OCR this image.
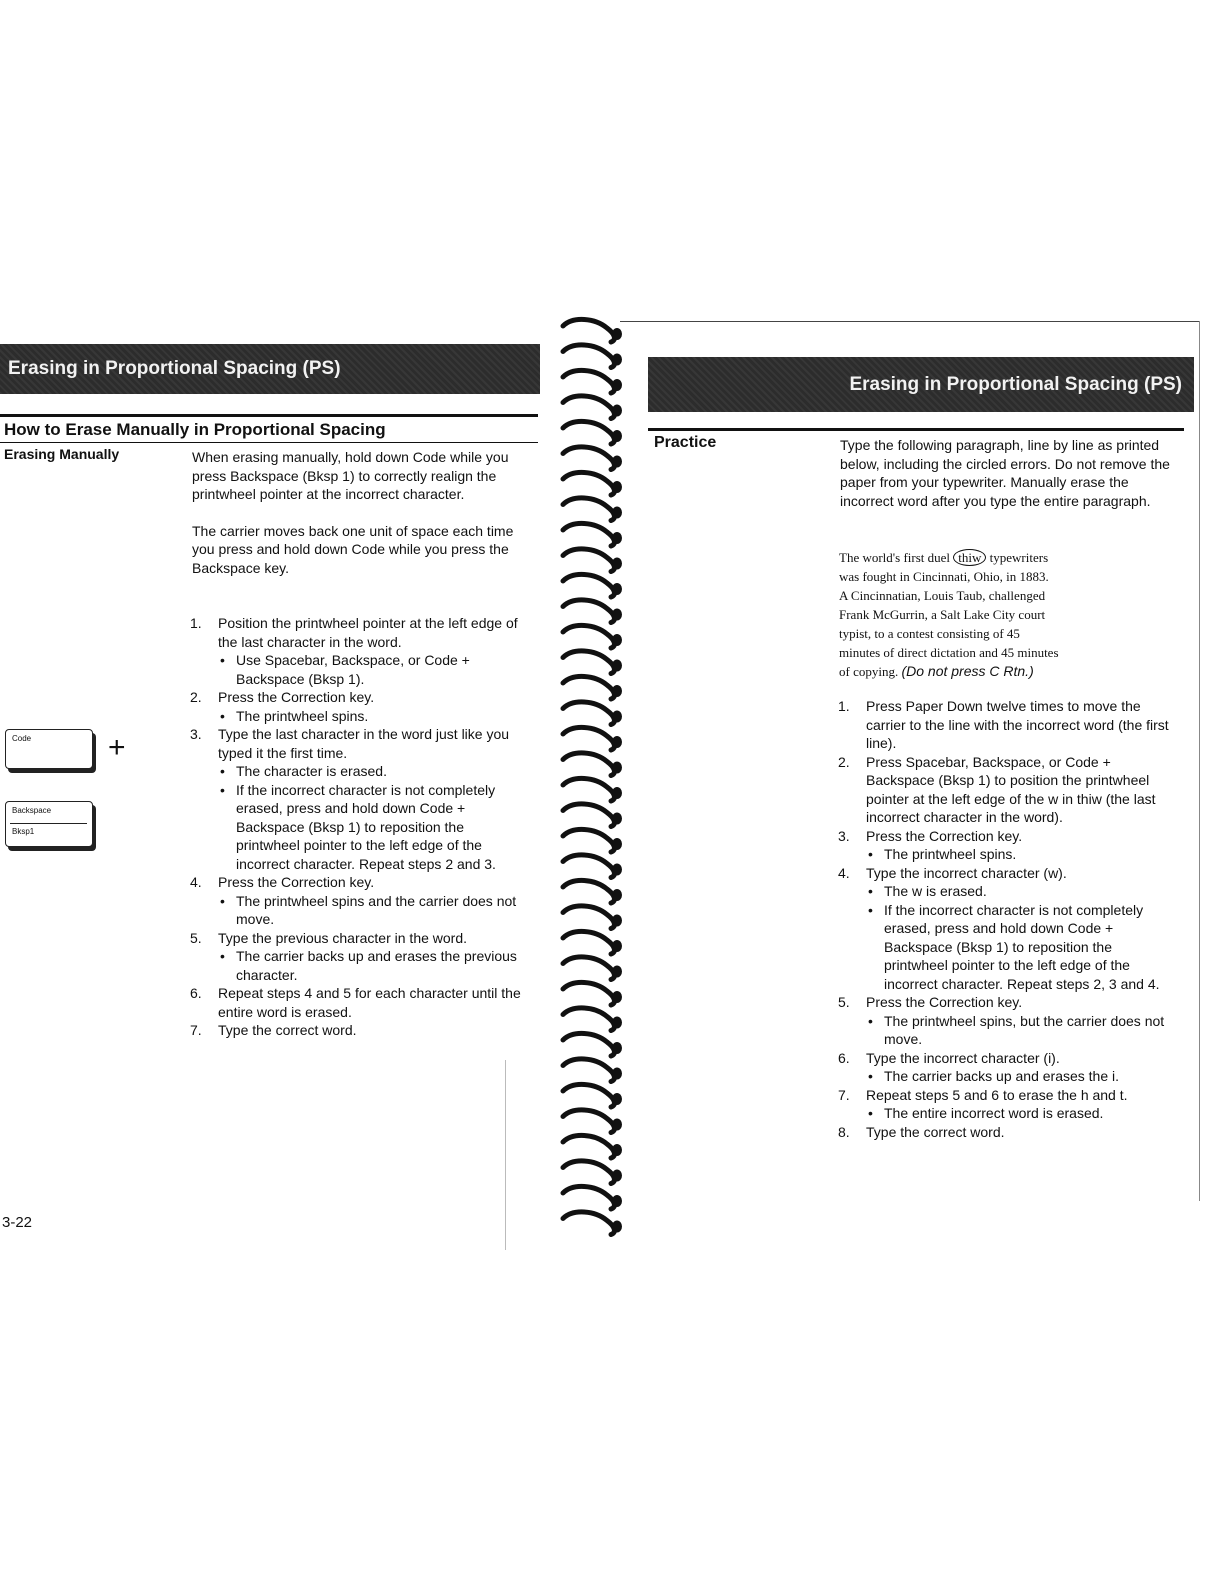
Erasing in Proportional Spacing (PS)
How to Erase Manually in Proportional Spacing
Erasing Manually	When erasing manually, hold down Code while you press Backspace (Bksp 1) to correctly realign the printwheel pointer at the incorrect character.

The carrier moves back one unit of space each time you press and hold down Code while you press the Backspace key.

1. Position the printwheel pointer at the left edge of the last character in the word.
• Use Spacebar, Backspace, or Code + Backspace (Bksp 1).
2. Press the Correction key.
• The printwheel spins.
3. Type the last character in the word just like you typed it the first time.
• The character is erased.
• If the incorrect character is not completely erased, press and hold down Code + Backspace (Bksp 1) to reposition the printwheel pointer to the left edge of the incorrect character. Repeat steps 2 and 3.
4. Press the Correction key.
• The printwheel spins and the carrier does not move.
5. Type the previous character in the word.
• The carrier backs up and erases the previous character.
6. Repeat steps 4 and 5 for each character until the entire word is erased.
7. Type the correct word.
Code	+
Backspace
Bksp1
3-22
Erasing in Proportional Spacing (PS)
Practice	Type the following paragraph, line by line as printed below, including the circled errors. Do not remove the paper from your typewriter. Manually erase the incorrect word after you type the entire paragraph.
The world's first duel thiw typewriters
was fought in Cincinnati, Ohio, in 1883.
A Cincinnatian, Louis Taub, challenged
Frank McGurrin, a Salt Lake City court
typist, to a contest consisting of 45
minutes of direct dictation and 45 minutes
of copying. (Do not press C Rtn.)
1. Press Paper Down twelve times to move the carrier to the line with the incorrect word (the first line).
2. Press Spacebar, Backspace, or Code + Backspace (Bksp 1) to position the printwheel pointer at the left edge of the w in thiw (the last incorrect character in the word).
3. Press the Correction key.
• The printwheel spins.
4. Type the incorrect character (w).
• The w is erased.
• If the incorrect character is not completely erased, press and hold down Code + Backspace (Bksp 1) to reposition the printwheel pointer to the left edge of the incorrect character. Repeat steps 2, 3 and 4.
5. Press the Correction key.
• The printwheel spins, but the carrier does not move.
6. Type the incorrect character (i).
• The carrier backs up and erases the i.
7. Repeat steps 5 and 6 to erase the h and t.
• The entire incorrect word is erased.
8. Type the correct word.
